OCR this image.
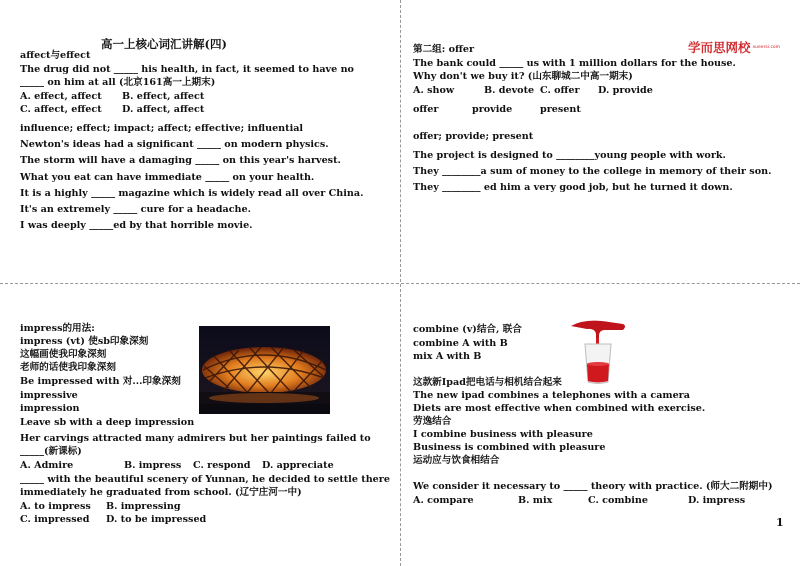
高一上核心词汇讲解(四)
affect与effect
The drug did not _____ his health, in fact, it seemed to have no
_____ on him at all (北京161高一上期末)
A. effect, affect B. effect, affect
C. affect, effect D. affect, affect
influence; effect; impact; affect; effective; influential
Newton's ideas had a significant _____ on modern physics.
The storm will have a damaging _____ on this year's harvest.
What you eat can have immediate _____ on your health.
It is a highly _____ magazine which is widely read all over China.
It's an extremely _____ cure for a headache.
I was deeply _____ed by that horrible movie.
学而思网校 xueersi.com
第二组: offer
The bank could _____ us with 1 million dollars for the house.
Why don't we buy it? (山东聊城二中高一期末)
A. show	B. devote C. offer D. provide
offer	provide	present
offer; provide; present
The project is designed to ________young people with work.
They ________a sum of money to the college in memory of their son.
They ________ ed him a very good job, but he turned it down.
impress的用法:
impress (vt) 使sb印象深刻
这幅画使我印象深刻
老师的话使我印象深刻
Be impressed with 对...印象深刻
impressive
impression
Leave sb with a deep impression
Her carvings attracted many admirers but her paintings failed to
_____(新课标)
A. Admire	B. impress C. respond D. appreciate
_____ with the beautiful scenery of Yunnan, he decided to settle there
immediately he graduated from school. (辽宁庄河一中)
A. to impress B. impressing
C. impressed D. to be impressed
combine (v)结合, 联合
combine A with B
mix A with B
这款新Ipad把电话与相机结合起来
The new ipad combines a telephones with a camera
Diets are most effective when combined with exercise.
劳逸结合
I combine business with pleasure
Business is combined with pleasure
运动应与饮食相结合
We consider it necessary to _____ theory with practice. (师大二附期中)
A. compare	B. mix	C. combine	D. impress
1
